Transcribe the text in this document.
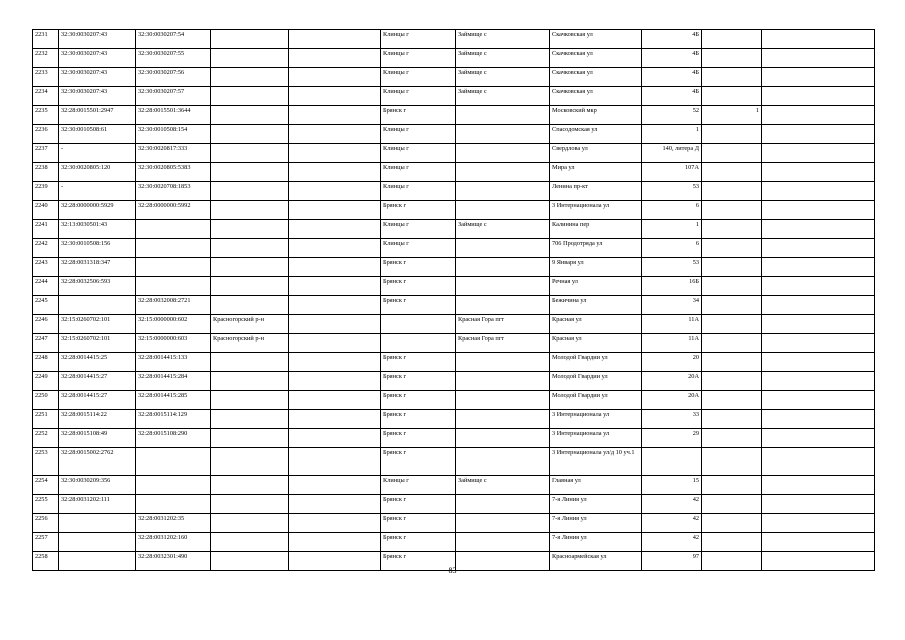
2231	32:30:0030207:43	32:30:0030207:54			Клинцы г	Займище с	Скачковская ул	4Б		
2232	32:30:0030207:43	32:30:0030207:55			Клинцы г	Займище с	Скачковская ул	4Б		
2233	32:30:0030207:43	32:30:0030207:56			Клинцы г	Займище с	Скачковская ул	4Б		
2234	32:30:0030207:43	32:30:0030207:57			Клинцы г	Займище с	Скачковская ул	4Б		
2235	32:28:0015501:2947	32:28:0015501:3644			Брянск г		Московский мкр	52	1	
2236	32:30:0010508:61	32:30:0010508:154			Клинцы г		Спасодомская ул	1		
2237	-	32:30:0020817:333			Клинцы г		Свердлова ул	140, литера Д		
2238	32:30:0020805:120	32:30:0020805:5383			Клинцы г		Мира ул	107А		
2239	-	32:30:0020708:1853			Клинцы г		Ленина пр-кт	53		
2240	32:28:0000000:5929	32:28:0000000:5992			Брянск г		3 Интернационала ул	6		
2241	32:13:0030501:43				Клинцы г	Займище с	Калинина пер	1		
2242	32:30:0010508:156				Клинцы г		706 Продотряда ул	6		
2243	32:28:0031318:347				Брянск г		9 Января ул	53		
2244	32:28:0032506:593				Брянск г		Речная ул	16Б		
2245		32:28:0032008:2721			Брянск г		Бежичина ул	34		
2246	32:15:0260702:101	32:15:0000000:602	Красногорский р-н			Красная Гора пгт	Красная ул	11А		
2247	32:15:0260702:101	32:15:0000000:603	Красногорский р-н			Красная Гора пгт	Красная ул	11А		
2248	32:28:0014415:25	32:28:0014415:133			Брянск г		Молодой Гвардии ул	20		
2249	32:28:0014415:27	32:28:0014415:284			Брянск г		Молодой Гвардии ул	20А		
2250	32:28:0014415:27	32:28:0014415:285			Брянск г		Молодой Гвардии ул	20А		
2251	32:28:0015114:22	32:28:0015114:129			Брянск г		3 Интернационала ул	33		
2252	32:28:0015108:49	32:28:0015108:290			Брянск г		3 Интернационала ул	29		
2253	32:28:0015002:2762				Брянск г		3 Интернационала ул/д 10 уч.1			
2254	32:30:0030209:356				Клинцы г	Займище с	Главная ул	15		
2255	32:28:0031202:111				Брянск г		7-я Линия ул	42		
2256		32:28:0031202:35			Брянск г		7-я Линия ул	42		
2257		32:28:0031202:160			Брянск г		7-я Линия ул	42		
2258		32:28:0032301:490			Брянск г		Красноармейская ул	97		
83
